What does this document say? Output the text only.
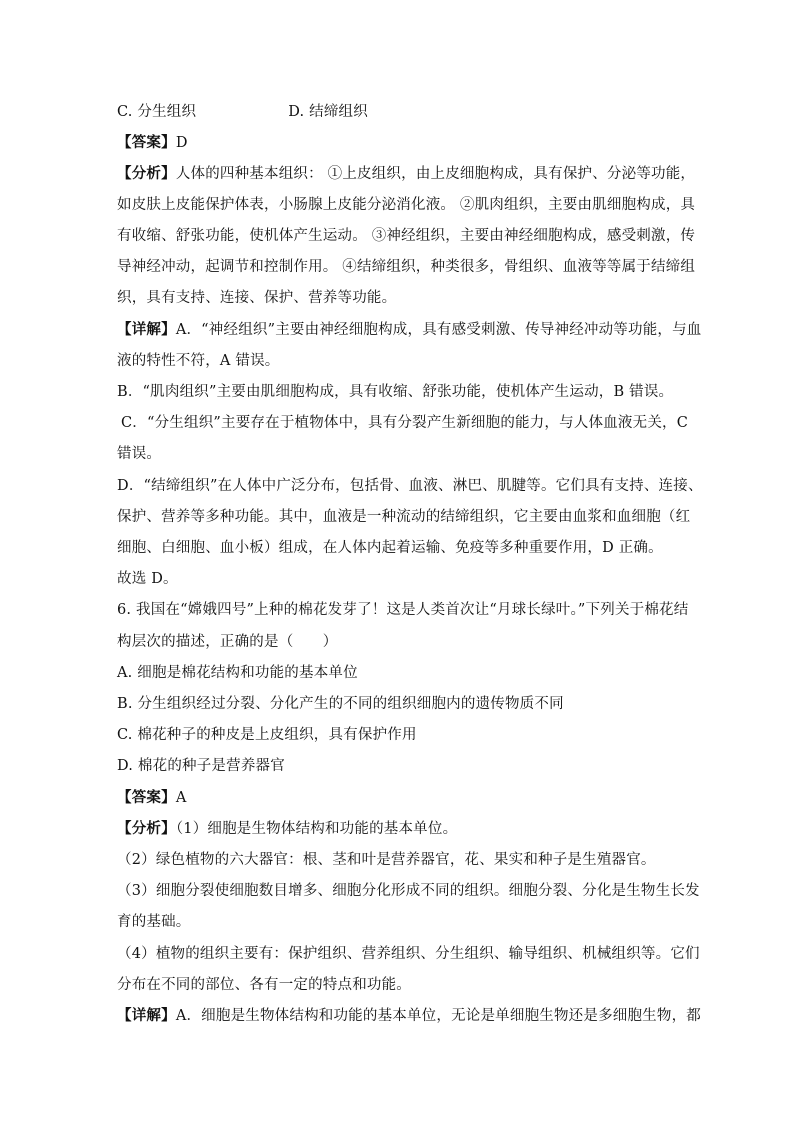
C. 分生组织	D. 结缔组织
【答案】D
【分析】人体的四种基本组织： ①上皮组织，由上皮细胞构成，具有保护、分泌等功能，
如皮肤上皮能保护体表，小肠腺上皮能分泌消化液。 ②肌肉组织，主要由肌细胞构成，具
有收缩、舒张功能，使机体产生运动。 ③神经组织，主要由神经细胞构成，感受刺激，传
导神经冲动，起调节和控制作用。 ④结缔组织，种类很多，骨组织、血液等等属于结缔组
织，具有支持、连接、保护、营养等功能。
【详解】A．“神经组织”主要由神经细胞构成，具有感受刺激、传导神经冲动等功能，与血
液的特性不符，A 错误。
B．“肌肉组织”主要由肌细胞构成，具有收缩、舒张功能，使机体产生运动，B 错误。
C．“分生组织”主要存在于植物体中，具有分裂产生新细胞的能力，与人体血液无关，C
错误。
D．“结缔组织”在人体中广泛分布，包括骨、血液、淋巴、肌腱等。它们具有支持、连接、
保护、营养等多种功能。其中，血液是一种流动的结缔组织，它主要由血浆和血细胞（红
细胞、白细胞、血小板）组成，在人体内起着运输、免疫等多种重要作用，D 正确。
故选 D。
6. 我国在“嫦娥四号”上种的棉花发芽了！这是人类首次让“月球长绿叶。”下列关于棉花结
构层次的描述，正确的是（　　）
A. 细胞是棉花结构和功能的基本单位
B. 分生组织经过分裂、分化产生的不同的组织细胞内的遗传物质不同
C. 棉花种子的种皮是上皮组织，具有保护作用
D. 棉花的种子是营养器官
【答案】A
【分析】（1）细胞是生物体结构和功能的基本单位。
（2）绿色植物的六大器官：根、茎和叶是营养器官，花、果实和种子是生殖器官。
（3）细胞分裂使细胞数目增多、细胞分化形成不同的组织。细胞分裂、分化是生物生长发
育的基础。
（4）植物的组织主要有：保护组织、营养组织、分生组织、输导组织、机械组织等。它们
分布在不同的部位、各有一定的特点和功能。
【详解】A．细胞是生物体结构和功能的基本单位，无论是单细胞生物还是多细胞生物，都
